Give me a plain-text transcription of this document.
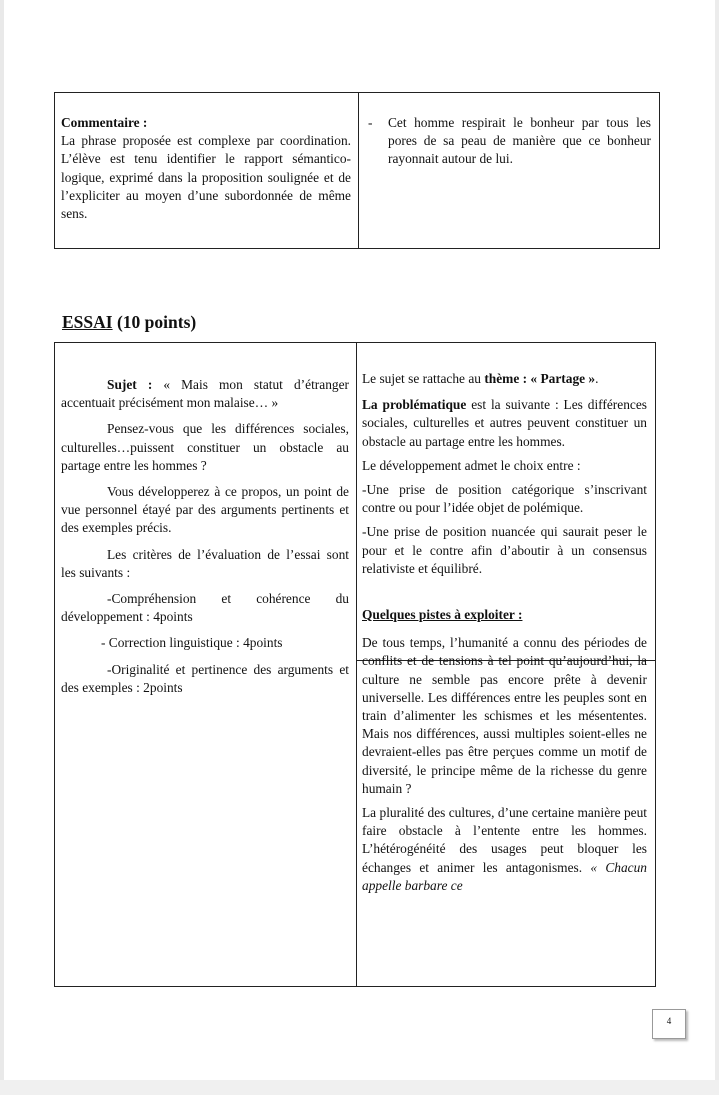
Commentaire :

La phrase proposée est complexe par coordination. L’élève est tenu identifier le rapport sémantico-logique, exprimé dans la proposition soulignée et de l’expliciter au moyen d’une subordonnée de même sens.

- Cet homme respirait le bonheur par tous les pores de sa peau de manière que ce bonheur rayonnait autour de lui.

ESSAI (10 points)

Sujet : « Mais mon statut d’étranger accentuait précisément mon malaise… »

Pensez-vous que les différences sociales, culturelles…puissent constituer un obstacle au partage entre les hommes ?

Vous développerez à ce propos, un point de vue personnel étayé par des arguments pertinents et des exemples précis.

Les critères de l’évaluation de l’essai sont les suivants :

-Compréhension et cohérence du développement : 4points

- Correction linguistique : 4points

-Originalité et pertinence des arguments et des exemples : 2points

Le sujet se rattache au thème : « Partage ».

La problématique est la suivante : Les différences sociales, culturelles et autres peuvent constituer un obstacle au partage entre les hommes.

Le développement admet le choix entre :

-Une prise de position catégorique s’inscrivant contre ou pour l’idée objet de polémique.

-Une prise de position nuancée qui saurait peser le pour et le contre afin d’aboutir à un consensus relativiste et équilibré.

Quelques pistes à exploiter :

De tous temps, l’humanité a connu des périodes de conflits et de tensions à tel point qu’aujourd’hui, la culture ne semble pas encore prête à devenir universelle. Les différences entre les peuples sont en train d’alimenter les schismes et les mésententes. Mais nos différences, aussi multiples soient-elles ne devraient-elles pas être perçues comme un motif de diversité, le principe même de la richesse du genre humain ?

La pluralité des cultures, d’une certaine manière peut faire obstacle à l’entente entre les hommes. L’hétérogénéité des usages peut bloquer les échanges et animer les antagonismes. « Chacun appelle barbare ce

4
